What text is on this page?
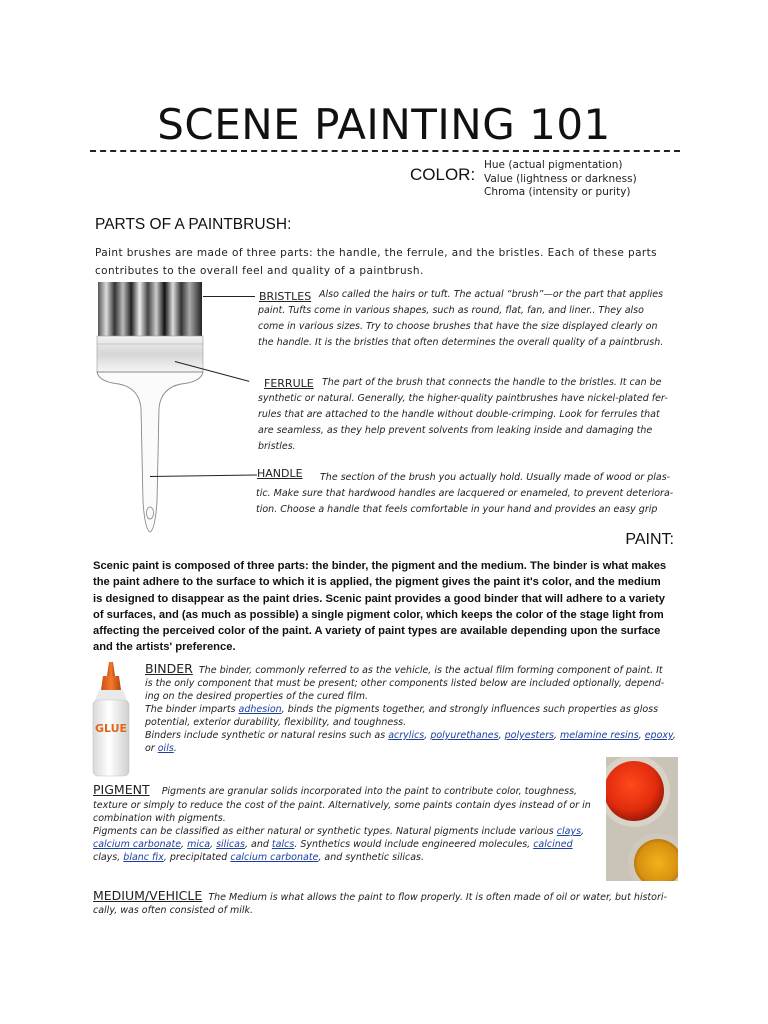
SCENE PAINTING 101
COLOR: Hue (actual pigmentation)
Value (lightness or darkness)
Chroma (intensity or purity)
PARTS OF A PAINTBRUSH:
Paint brushes are made of three parts: the handle, the ferrule, and the bristles. Each of these parts contributes to the overall feel and quality of a paintbrush.
BRISTLES Also called the hairs or tuft. The actual “brush”—or the part that applies
paint. Tufts come in various shapes, such as round, flat, fan, and liner.. They also
come in various sizes. Try to choose brushes that have the size displayed clearly on
the handle. It is the bristles that often determines the overall quality of a paintbrush.
FERRULE The part of the brush that connects the handle to the bristles. It can be
synthetic or natural. Generally, the higher-quality paintbrushes have nickel-plated fer-
rules that are attached to the handle without double-crimping. Look for ferrules that
are seamless, as they help prevent solvents from leaking inside and damaging the
bristles.
HANDLE The section of the brush you actually hold. Usually made of wood or plas-
tic. Make sure that hardwood handles are lacquered or enameled, to prevent deteriora-
tion. Choose a handle that feels comfortable in your hand and provides an easy grip
PAINT:
Scenic paint is composed of three parts: the binder, the pigment and the medium. The binder is what makes
the paint adhere to the surface to which it is applied, the pigment gives the paint it's color, and the medium
is designed to disappear as the paint dries. Scenic paint provides a good binder that will adhere to a variety
of surfaces, and (as much as possible) a single pigment color, which keeps the color of the stage light from
affecting the perceived color of the paint. A variety of paint types are available depending upon the surface
and the artists' preference.
GLUE
BINDER The binder, commonly referred to as the vehicle, is the actual film forming component of paint. It
is the only component that must be present; other components listed below are included optionally, depend-
ing on the desired properties of the cured film.
The binder imparts adhesion, binds the pigments together, and strongly influences such properties as gloss
potential, exterior durability, flexibility, and toughness.
Binders include synthetic or natural resins such as acrylics, polyurethanes, polyesters, melamine resins, epoxy,
or oils.
PIGMENT Pigments are granular solids incorporated into the paint to contribute color, toughness,
texture or simply to reduce the cost of the paint. Alternatively, some paints contain dyes instead of or in
combination with pigments.
Pigments can be classified as either natural or synthetic types. Natural pigments include various clays,
calcium carbonate, mica, silicas, and talcs. Synthetics would include engineered molecules, calcined
clays, blanc fix, precipitated calcium carbonate, and synthetic silicas.
MEDIUM/VEHICLE The Medium is what allows the paint to flow properly. It is often made of oil or water, but histori-
cally, was often consisted of milk.
